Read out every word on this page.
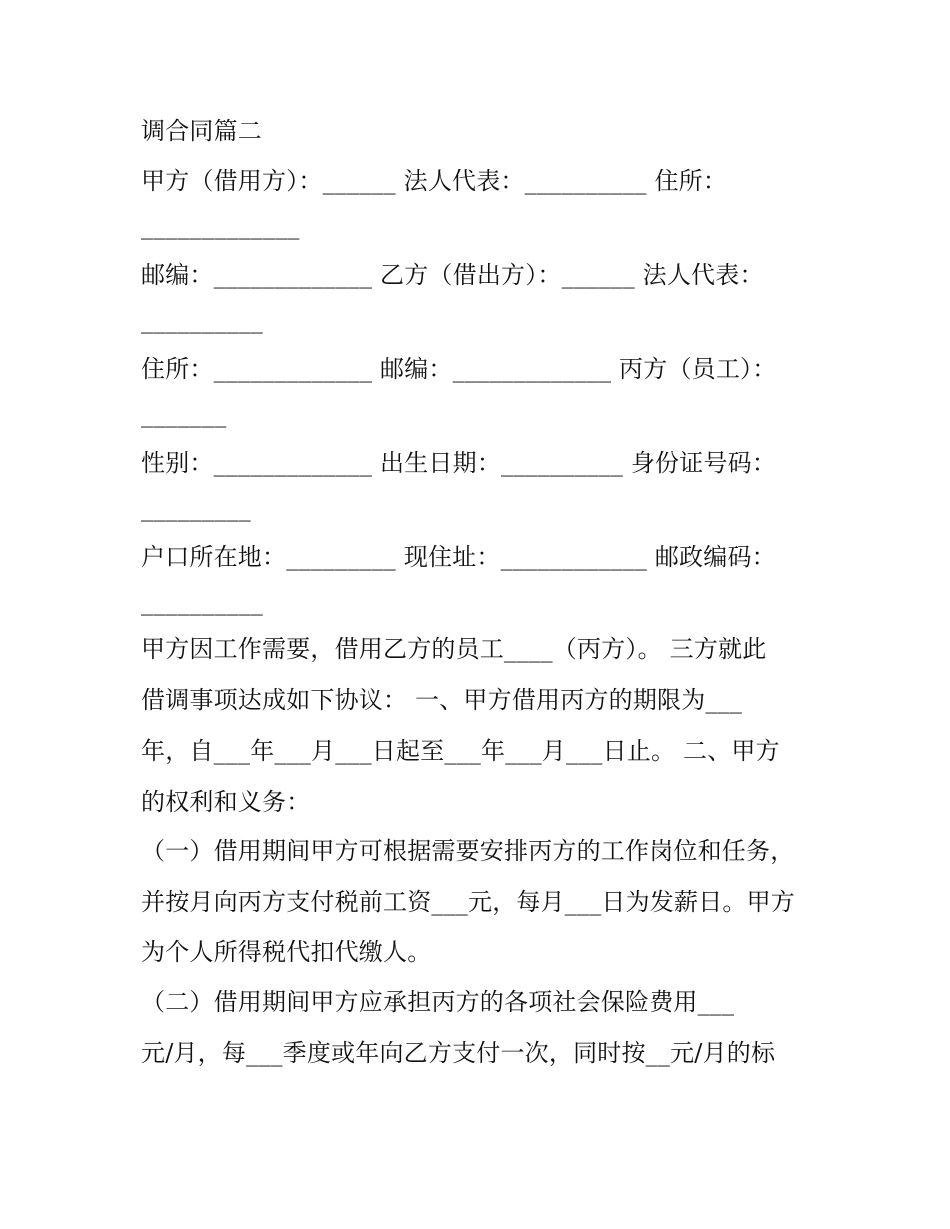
调合同篇二
甲方（借用方）：______ 法人代表：__________ 住所：
_____________
邮编：_____________ 乙方（借出方）：______ 法人代表：
__________
住所：_____________ 邮编：_____________ 丙方（员工）：
_______
性别：_____________ 出生日期：__________ 身份证号码：
_________
户口所在地：_________ 现住址：____________ 邮政编码：
__________
甲方因工作需要，借用乙方的员工____（丙方）。 三方就此
借调事项达成如下协议： 一、甲方借用丙方的期限为___
年，自___年___月___日起至___年___月___日止。 二、甲方
的权利和义务：
（一）借用期间甲方可根据需要安排丙方的工作岗位和任务，
并按月向丙方支付税前工资___元，每月___日为发薪日。甲方
为个人所得税代扣代缴人。
（二）借用期间甲方应承担丙方的各项社会保险费用___
元/月，每___季度或年向乙方支付一次，同时按__元/月的标
